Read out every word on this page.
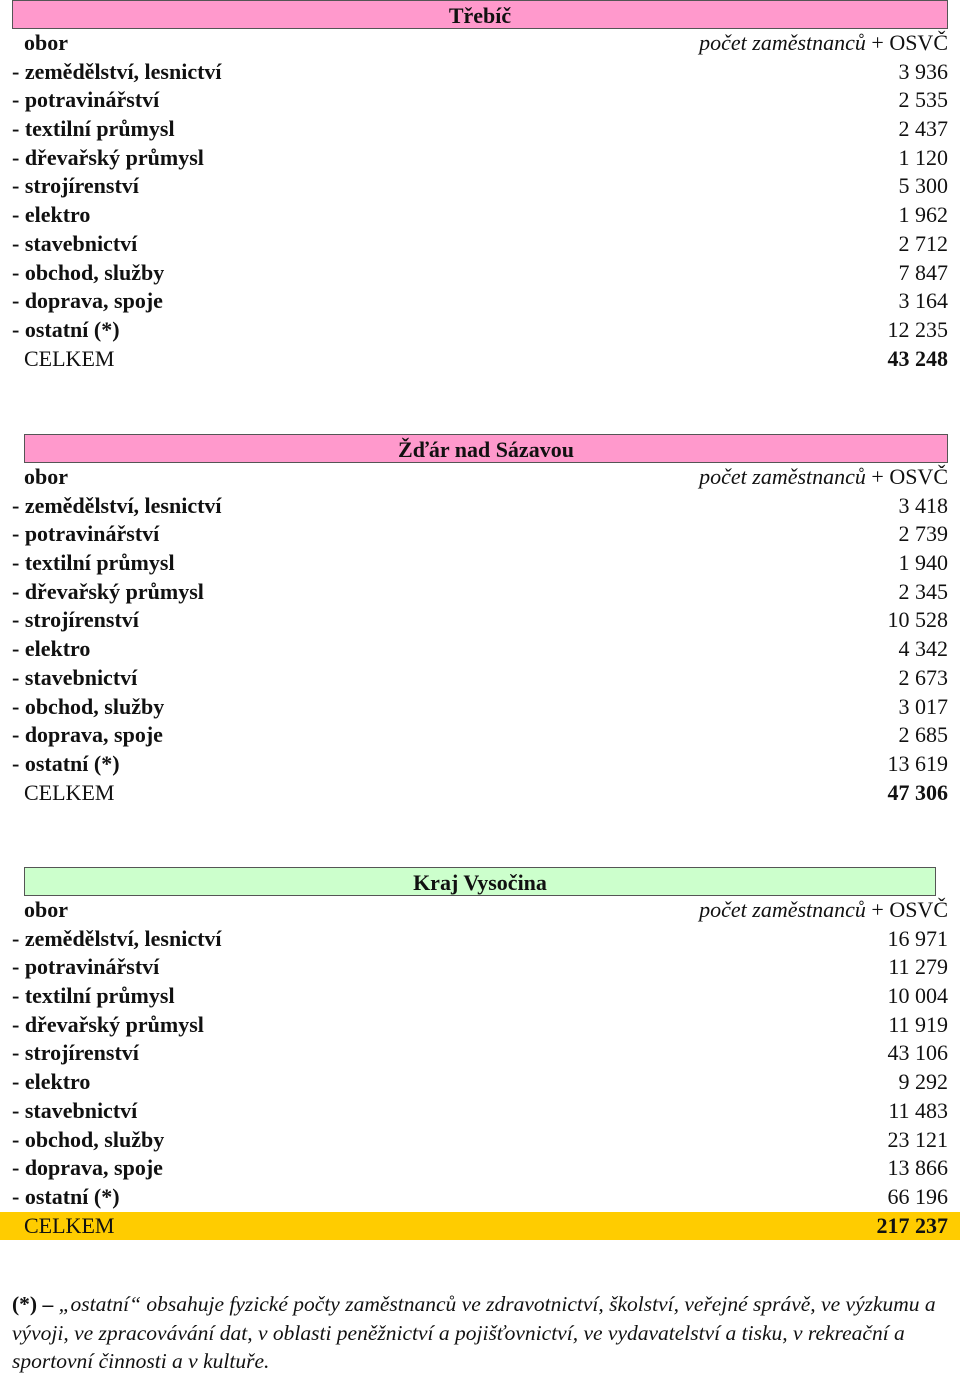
Třebíč
obor	počet zaměstnanců + OSVČ
- zemědělství, lesnictví	3 936
- potravinářství	2 535
- textilní průmysl	2 437
- dřevařský průmysl	1 120
- strojírenství	5 300
- elektro	1 962
- stavebnictví	2 712
- obchod, služby	7 847
- doprava, spoje	3 164
- ostatní (*)	12 235
CELKEM	43 248
Žďár nad Sázavou
obor	počet zaměstnanců + OSVČ
- zemědělství, lesnictví	3 418
- potravinářství	2 739
- textilní průmysl	1 940
- dřevařský průmysl	2 345
- strojírenství	10 528
- elektro	4 342
- stavebnictví	2 673
- obchod, služby	3 017
- doprava, spoje	2 685
- ostatní (*)	13 619
CELKEM	47 306
Kraj Vysočina
obor	počet zaměstnanců + OSVČ
- zemědělství, lesnictví	16 971
- potravinářství	11 279
- textilní průmysl	10 004
- dřevařský průmysl	11 919
- strojírenství	43 106
- elektro	9 292
- stavebnictví	11 483
- obchod, služby	23 121
- doprava, spoje	13 866
- ostatní (*)	66 196
CELKEM	217 237
(*) – „ostatní“ obsahuje fyzické počty zaměstnanců ve zdravotnictví, školství, veřejné správě, ve výzkumu a vývoji, ve zpracovávání dat, v oblasti peněžnictví a pojišťovnictví, ve vydavatelství a tisku, v rekreační a sportovní činnosti a v kultuře.
